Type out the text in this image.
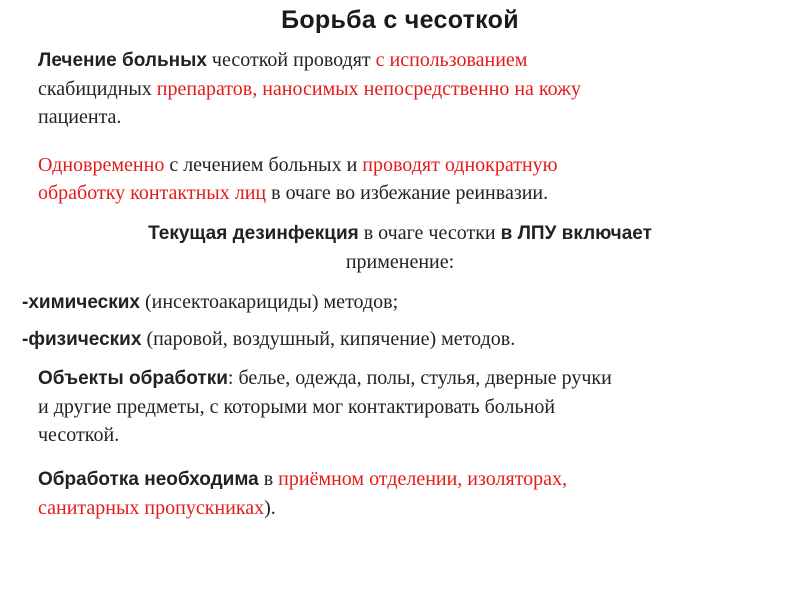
Борьба с чесоткой
Лечение больных чесоткой проводят с использованием
скабицидных препаратов, наносимых непосредственно на кожу
пациента.
Одновременно с лечением больных и проводят однократную
обработку контактных лиц в очаге во избежание реинвазии.
Текущая дезинфекция в очаге чесотки в ЛПУ включает
применение:
-химических (инсектоакарициды) методов;
-физических (паровой, воздушный, кипячение) методов.
Объекты обработки: белье, одежда, полы, стулья, дверные ручки
и другие предметы, с которыми мог контактировать больной
чесоткой.
Обработка необходима в приёмном отделении, изоляторах,
санитарных пропускниках).
